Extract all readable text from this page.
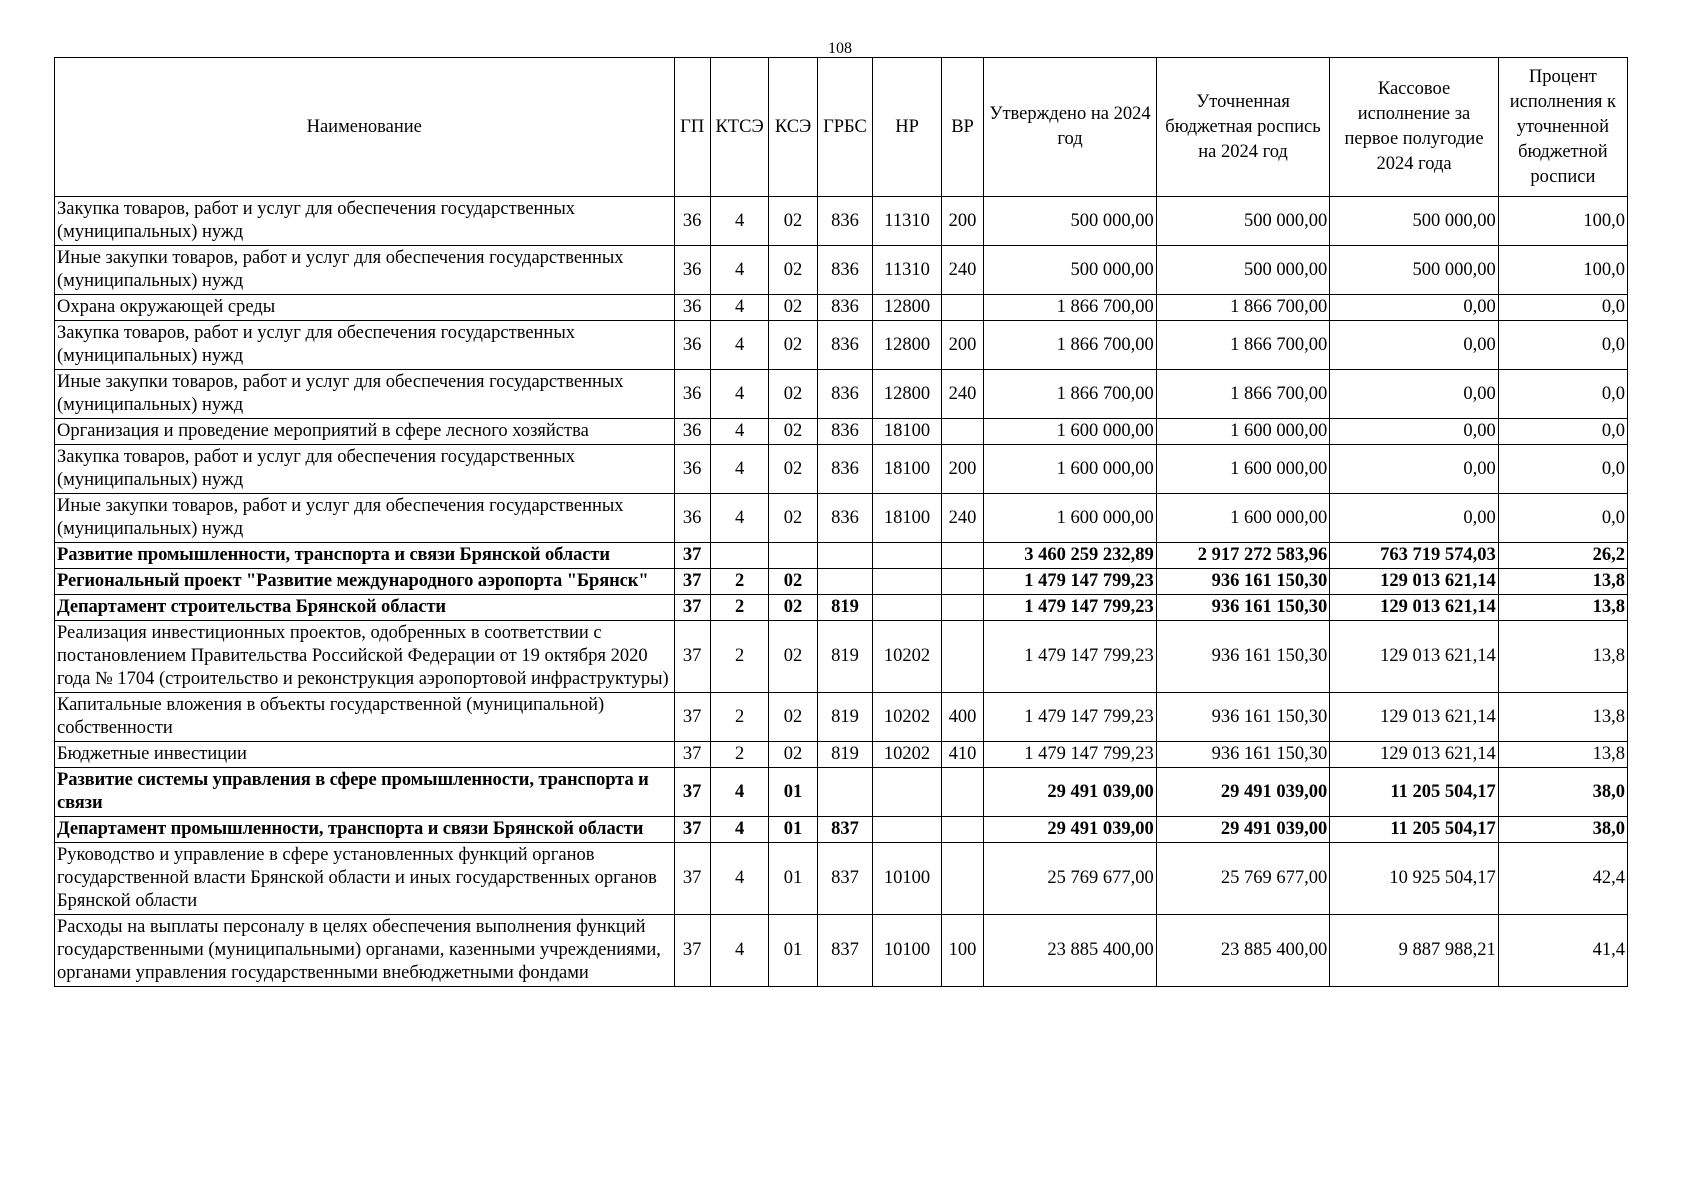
108
Наименование	ГП	КТСЭ	КСЭ	ГРБС	НР	ВР	Утверждено на 2024 год	Уточненная бюджетная роспись на 2024 год	Кассовое исполнение за первое полугодие 2024 года	Процент исполнения к уточненной бюджетной росписи
Закупка товаров, работ и услуг для обеспечения государственных (муниципальных) нужд	36	4	02	836	11310	200	500 000,00	500 000,00	500 000,00	100,0
Иные закупки товаров, работ и услуг для обеспечения государственных (муниципальных) нужд	36	4	02	836	11310	240	500 000,00	500 000,00	500 000,00	100,0
Охрана окружающей среды	36	4	02	836	12800		1 866 700,00	1 866 700,00	0,00	0,0
Закупка товаров, работ и услуг для обеспечения государственных (муниципальных) нужд	36	4	02	836	12800	200	1 866 700,00	1 866 700,00	0,00	0,0
Иные закупки товаров, работ и услуг для обеспечения государственных (муниципальных) нужд	36	4	02	836	12800	240	1 866 700,00	1 866 700,00	0,00	0,0
Организация и проведение мероприятий в сфере лесного хозяйства	36	4	02	836	18100		1 600 000,00	1 600 000,00	0,00	0,0
Закупка товаров, работ и услуг для обеспечения государственных (муниципальных) нужд	36	4	02	836	18100	200	1 600 000,00	1 600 000,00	0,00	0,0
Иные закупки товаров, работ и услуг для обеспечения государственных (муниципальных) нужд	36	4	02	836	18100	240	1 600 000,00	1 600 000,00	0,00	0,0
Развитие промышленности, транспорта и связи Брянской области	37						3 460 259 232,89	2 917 272 583,96	763 719 574,03	26,2
Региональный проект "Развитие международного аэропорта "Брянск"	37	2	02				1 479 147 799,23	936 161 150,30	129 013 621,14	13,8
Департамент строительства Брянской области	37	2	02	819			1 479 147 799,23	936 161 150,30	129 013 621,14	13,8
Реализация инвестиционных проектов, одобренных в соответствии с постановлением Правительства Российской Федерации от 19 октября 2020 года № 1704 (строительство и реконструкция аэропортовой инфраструктуры)	37	2	02	819	10202		1 479 147 799,23	936 161 150,30	129 013 621,14	13,8
Капитальные вложения в объекты государственной (муниципальной) собственности	37	2	02	819	10202	400	1 479 147 799,23	936 161 150,30	129 013 621,14	13,8
Бюджетные инвестиции	37	2	02	819	10202	410	1 479 147 799,23	936 161 150,30	129 013 621,14	13,8
Развитие системы управления в сфере промышленности, транспорта и связи	37	4	01				29 491 039,00	29 491 039,00	11 205 504,17	38,0
Департамент промышленности, транспорта и связи Брянской области	37	4	01	837			29 491 039,00	29 491 039,00	11 205 504,17	38,0
Руководство и управление в сфере установленных функций органов государственной власти Брянской области и иных государственных органов Брянской области	37	4	01	837	10100		25 769 677,00	25 769 677,00	10 925 504,17	42,4
Расходы на выплаты персоналу в целях обеспечения выполнения функций государственными (муниципальными) органами, казенными учреждениями, органами управления государственными внебюджетными фондами	37	4	01	837	10100	100	23 885 400,00	23 885 400,00	9 887 988,21	41,4
